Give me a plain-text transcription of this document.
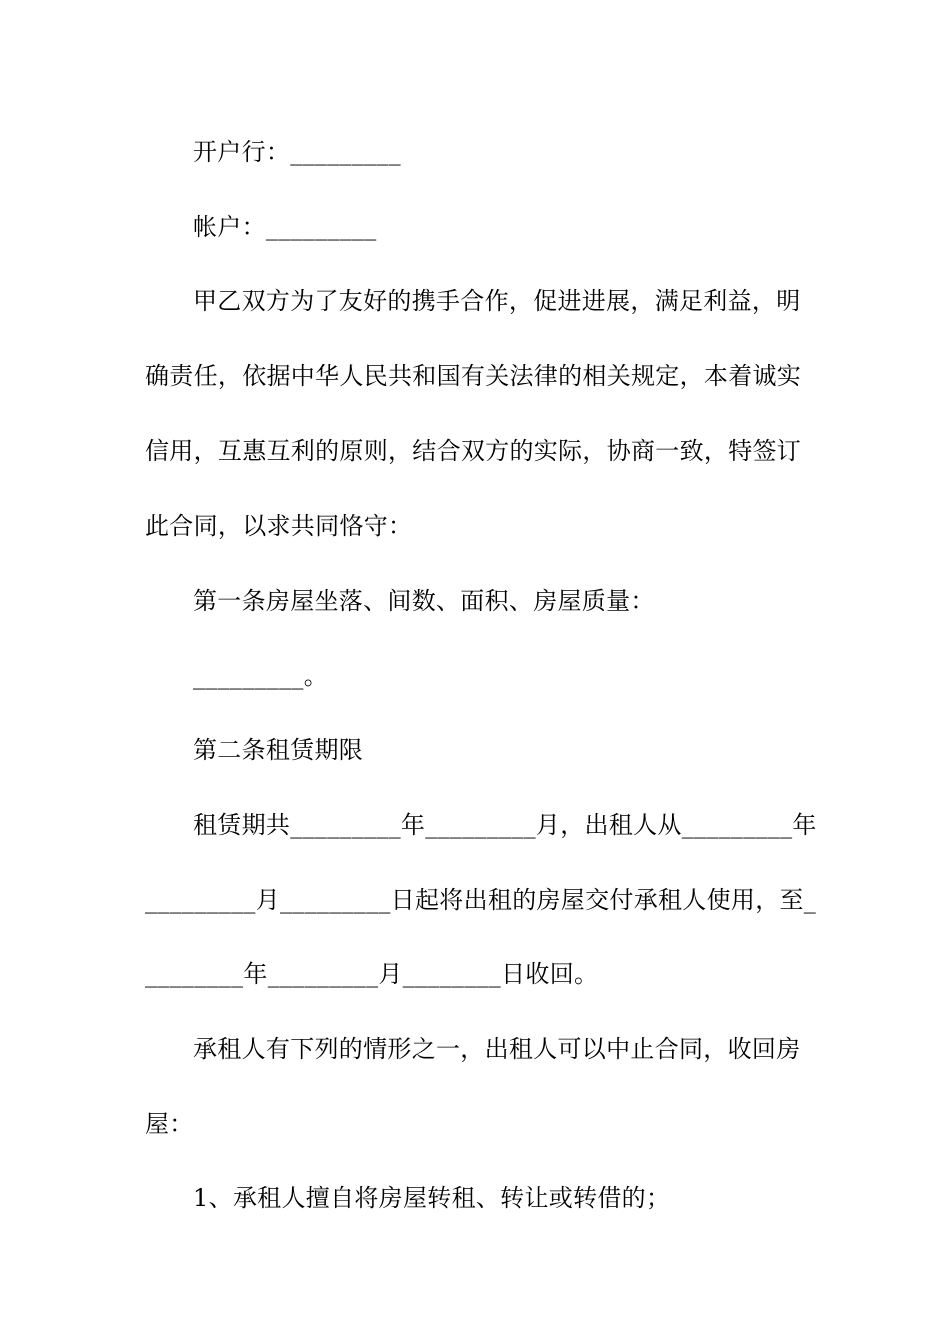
开户行：_________
帐户：_________
甲乙双方为了友好的携手合作，促进进展，满足利益，明
确责任，依据中华人民共和国有关法律的相关规定，本着诚实
信用，互惠互利的原则，结合双方的实际，协商一致，特签订
此合同，以求共同恪守：
第一条房屋坐落、间数、面积、房屋质量：
_________。
第二条租赁期限
租赁期共_________年_________月，出租人从_________年
_________月_________日起将出租的房屋交付承租人使用，至_
________年_________月________日收回。
承租人有下列的情形之一，出租人可以中止合同，收回房
屋：
1、承租人擅自将房屋转租、转让或转借的；
